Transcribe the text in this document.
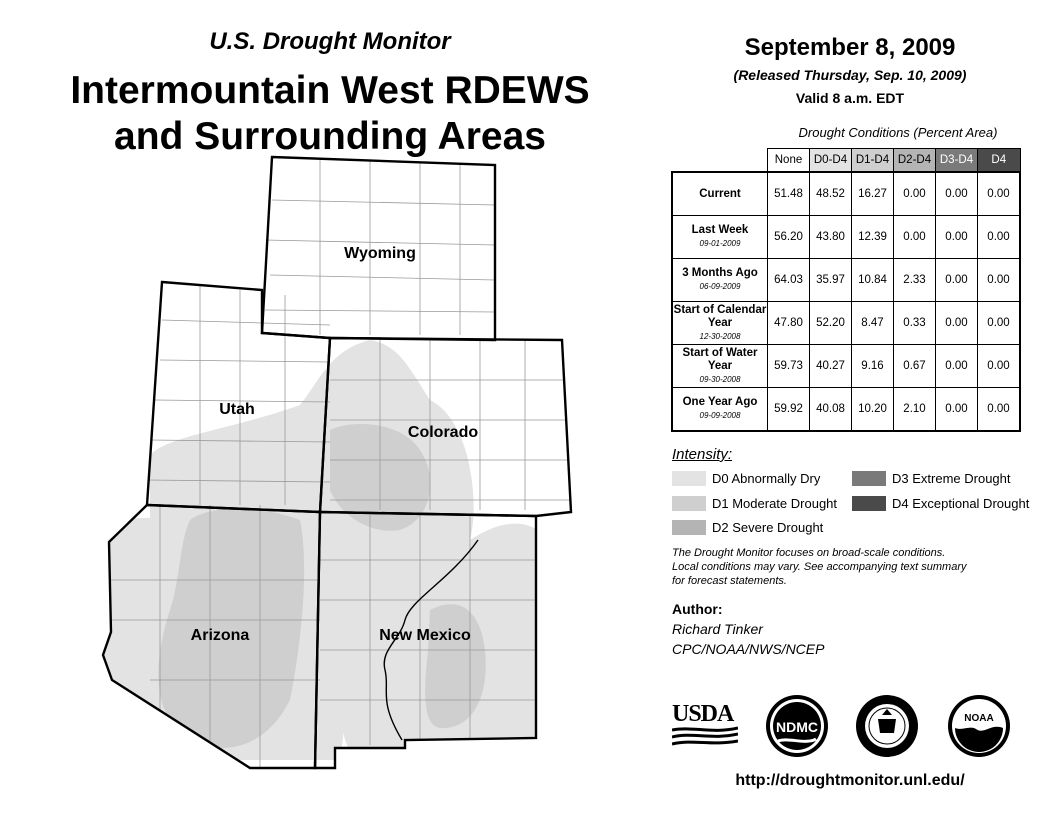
U.S. Drought Monitor
Intermountain West RDEWS
and Surrounding Areas
Wyoming
Utah
Colorado
Arizona	New Mexico
September 8, 2009
(Released Thursday, Sep. 10, 2009)
Valid 8 a.m. EDT
Drought Conditions (Percent Area)
	None	D0-D4	D1-D4	D2-D4	D3-D4	D4
Current	51.48	48.52	16.27	0.00	0.00	0.00
Last Week
09-01-2009	56.20	43.80	12.39	0.00	0.00	0.00
3 Months Ago
06-09-2009	64.03	35.97	10.84	2.33	0.00	0.00
Start of Calendar Year
12-30-2008	47.80	52.20	8.47	0.33	0.00	0.00
Start of Water Year
09-30-2008	59.73	40.27	9.16	0.67	0.00	0.00
One Year Ago
09-09-2008	59.92	40.08	10.20	2.10	0.00	0.00
Intensity:
D0 Abnormally Dry
D1 Moderate Drought
D2 Severe Drought
D3 Extreme Drought
D4 Exceptional Drought
The Drought Monitor focuses on broad-scale conditions.
Local conditions may vary. See accompanying text summary
for forecast statements.
Author:
Richard Tinker
CPC/NOAA/NWS/NCEP
USDA	NDMC
NOAA
http://droughtmonitor.unl.edu/
